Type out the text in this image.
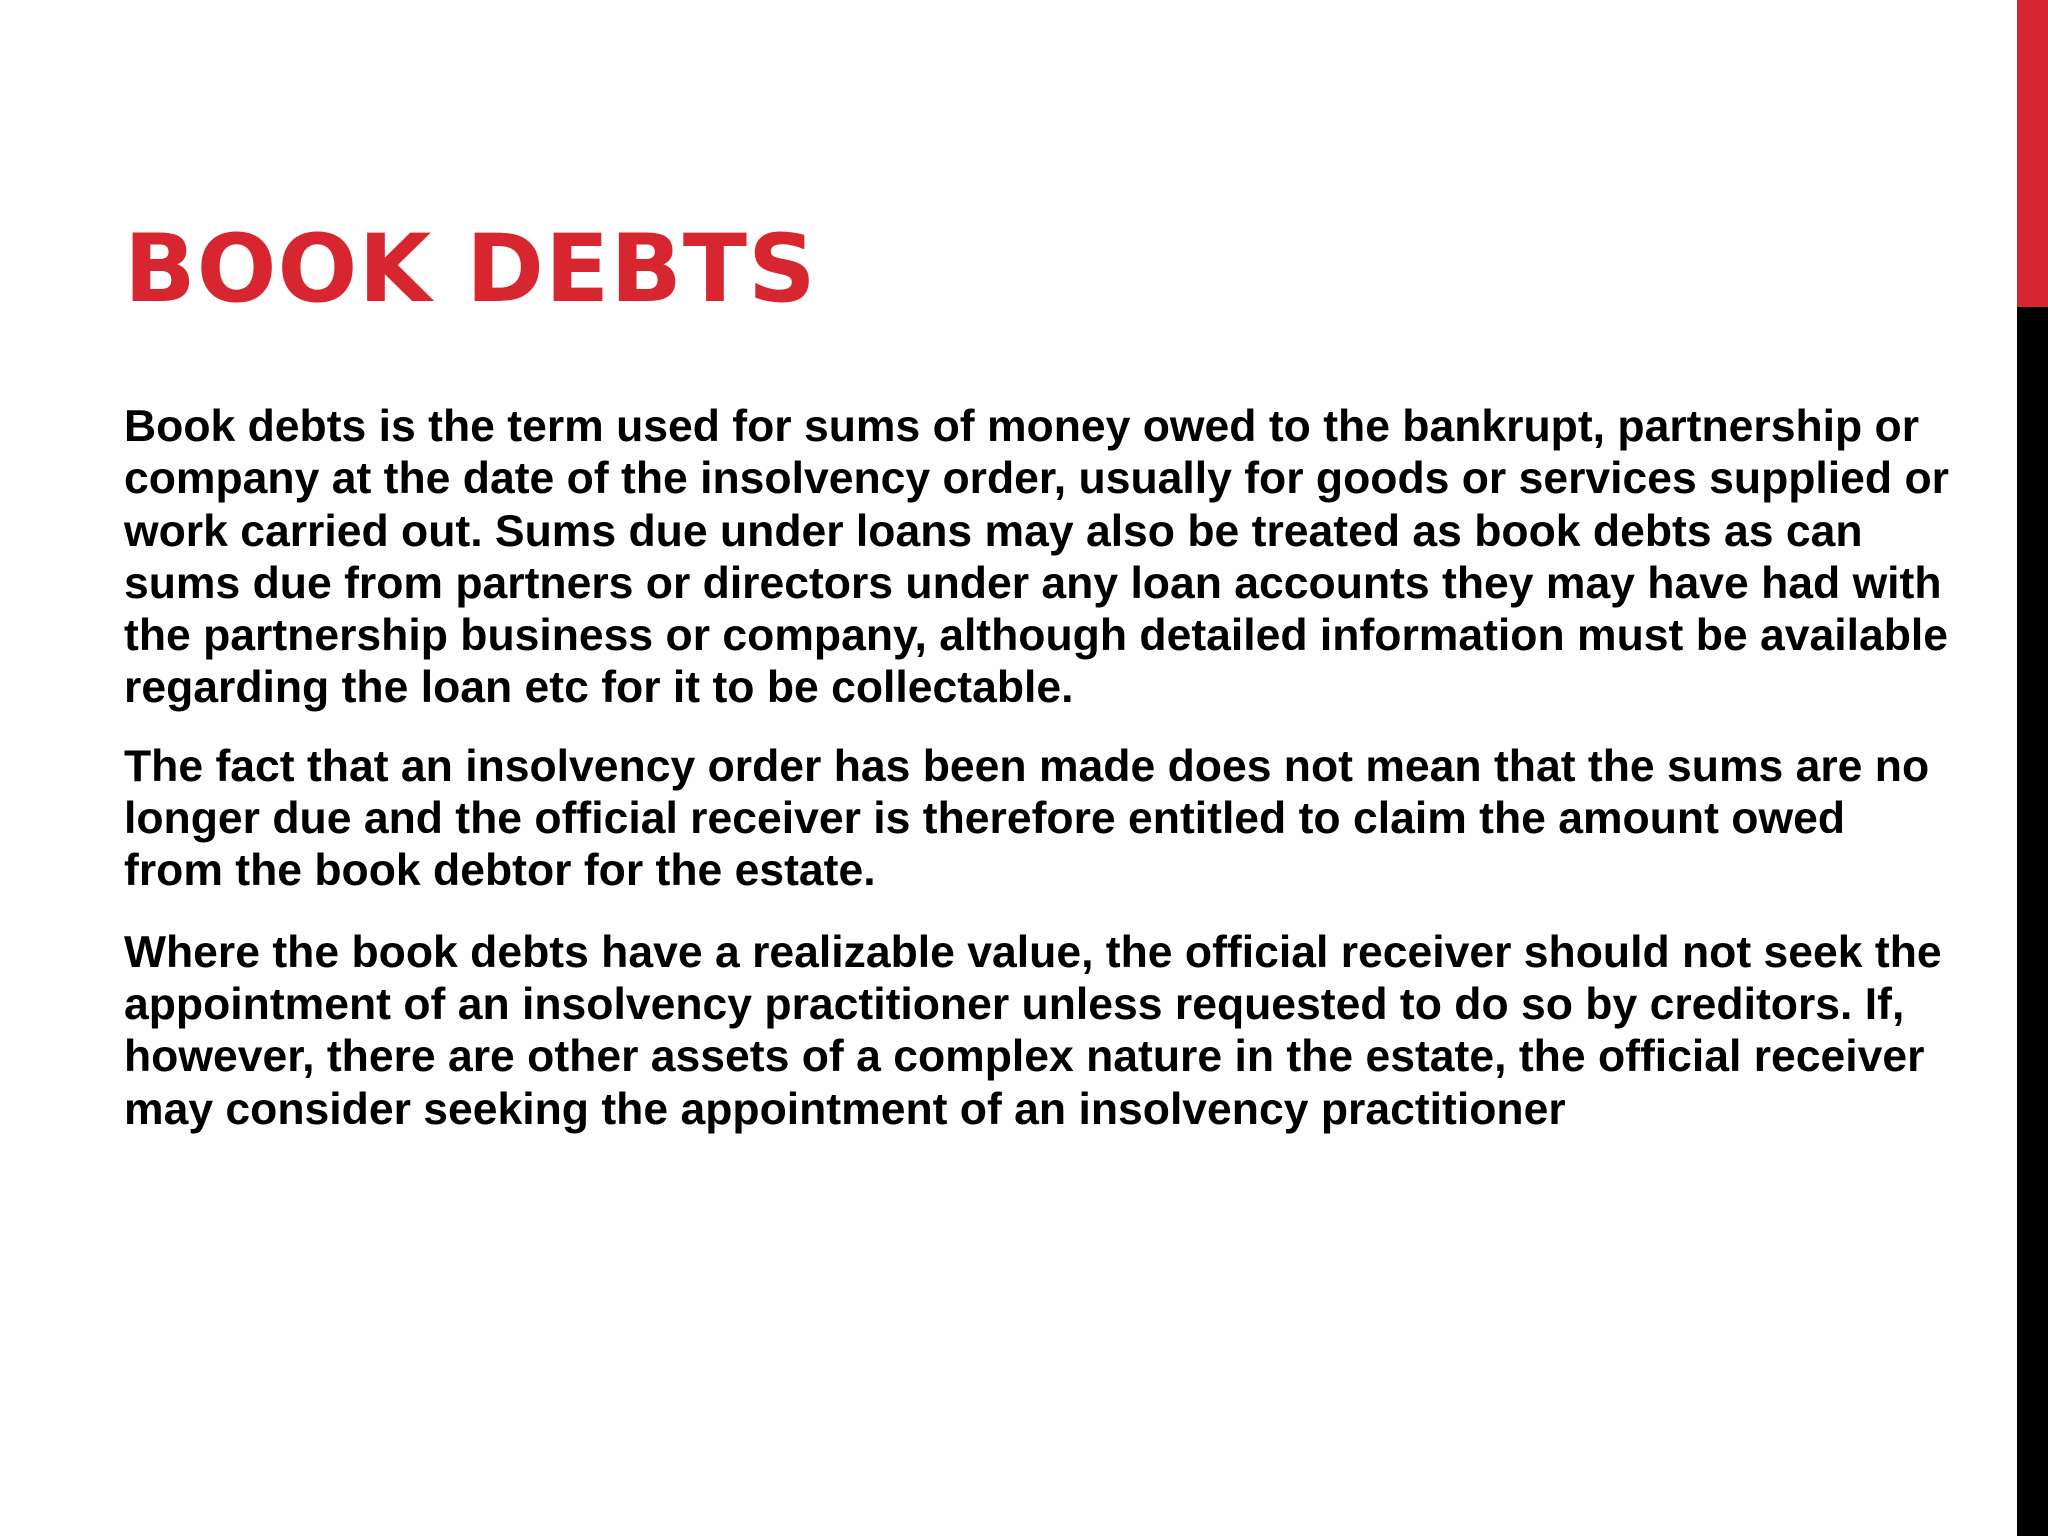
BOOK DEBTS

Book debts is the term used for sums of money owed to the bankrupt, partnership or company at the date of the insolvency order, usually for goods or services supplied or work carried out. Sums due under loans may also be treated as book debts as can sums due from partners or directors under any loan accounts they may have had with the partnership business or company, although detailed information must be available regarding the loan etc for it to be collectable.

The fact that an insolvency order has been made does not mean that the sums are no longer due and the official receiver is therefore entitled to claim the amount owed from the book debtor for the estate.

Where the book debts have a realizable value, the official receiver should not seek the appointment of an insolvency practitioner unless requested to do so by creditors. If, however, there are other assets of a complex nature in the estate, the official receiver may consider seeking the appointment of an insolvency practitioner
